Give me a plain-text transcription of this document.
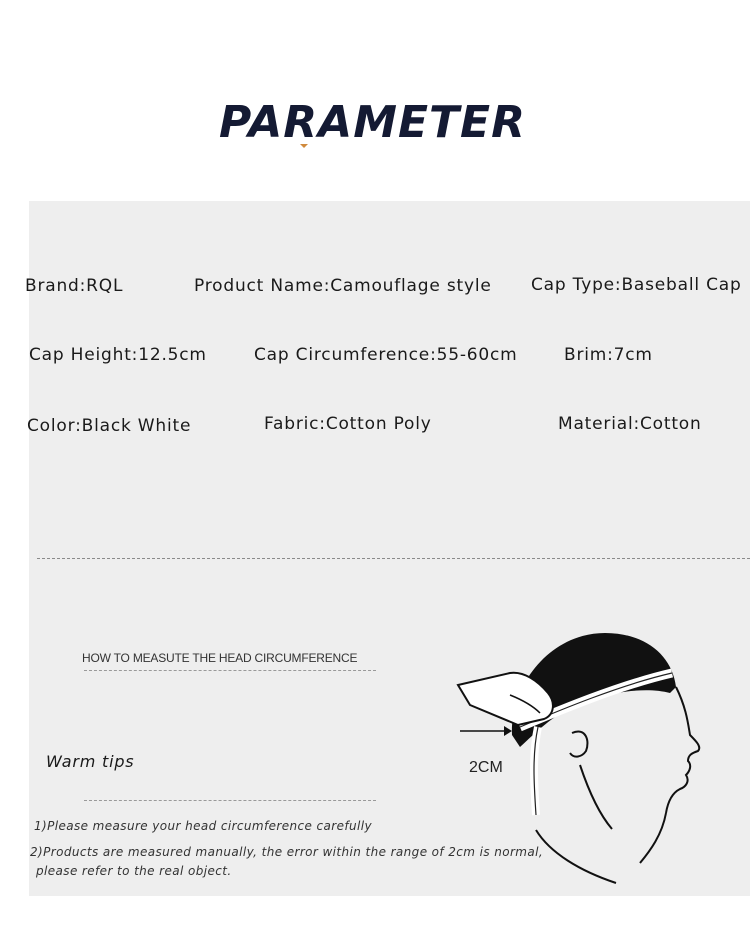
PARAMETER
Brand:RQL	Product Name:Camouflage style Cap Type:Baseball Cap
Cap Height:12.5cm	Cap Circumference:55-60cm	Brim:7cm
Color:Black White	Fabric:Cotton Poly	Material:Cotton
HOW TO MEASUTE THE HEAD CIRCUMFERENCE
Warm tips
1)Please measure your head circumference carefully
2)Products are measured manually, the error within the range of 2cm is normal,
please refer to the real object.
2CM
